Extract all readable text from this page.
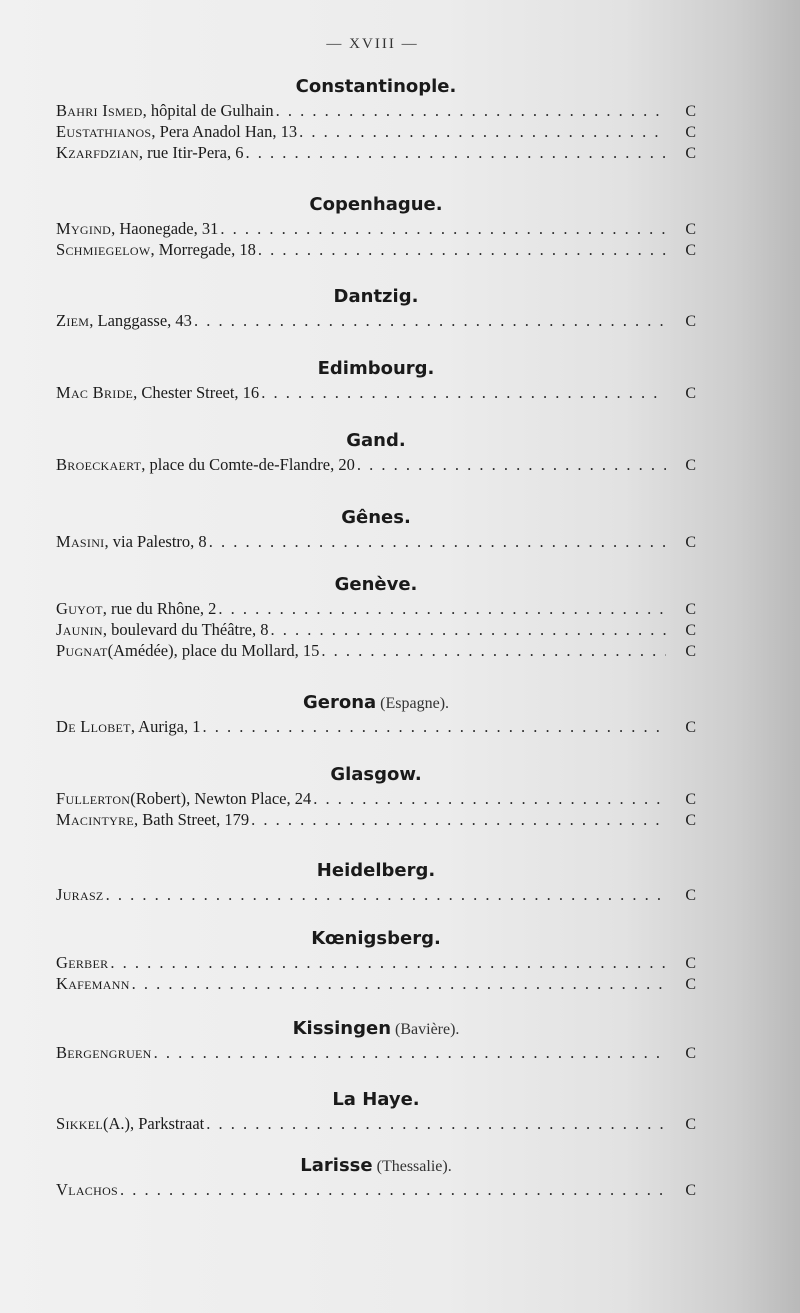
— XVIII —
Constantinople.
Bahri Ismed , hôpital de Gulhain . . .	C
Eustathianos , Pera Anadol Han, 13 . . .	C
Kzarfdzian , rue Itir-Pera, 6 . . .	C
Copenhague.
Mygind , Haonegade, 31 . . .	C
Schmiegelow , Morregade, 18 . . .	C
Dantzig.
Ziem , Langgasse, 43 . . .	C
Edimbourg.
Mac Bride , Chester Street, 16 . . .	C
Gand.
Broeckaert , place du Comte-de-Flandre, 20 . . .	C
Gênes.
Masini , via Palestro, 8 . . .	C
Genève.
Guyot , rue du Rhône, 2 . . .	C
Jaunin , boulevard du Théâtre, 8 . . .	C
Pugnat (Amédée), place du Mollard, 15 . . .	C
Gerona (Espagne).
De Llobet , Auriga, 1 . . .	C
Glasgow.
Fullerton (Robert), Newton Place, 24 . . .	C
Macintyre , Bath Street, 179 . . .	C
Heidelberg.
Jurasz . . .	C
Kœnigsberg.
Gerber . . .	C
Kafemann . . .	C
Kissingen (Bavière).
Bergengruen . . .	C
La Haye.
Sikkel (A.), Parkstraat . . .	C
Larisse (Thessalie).
Vlachos . . .	C
